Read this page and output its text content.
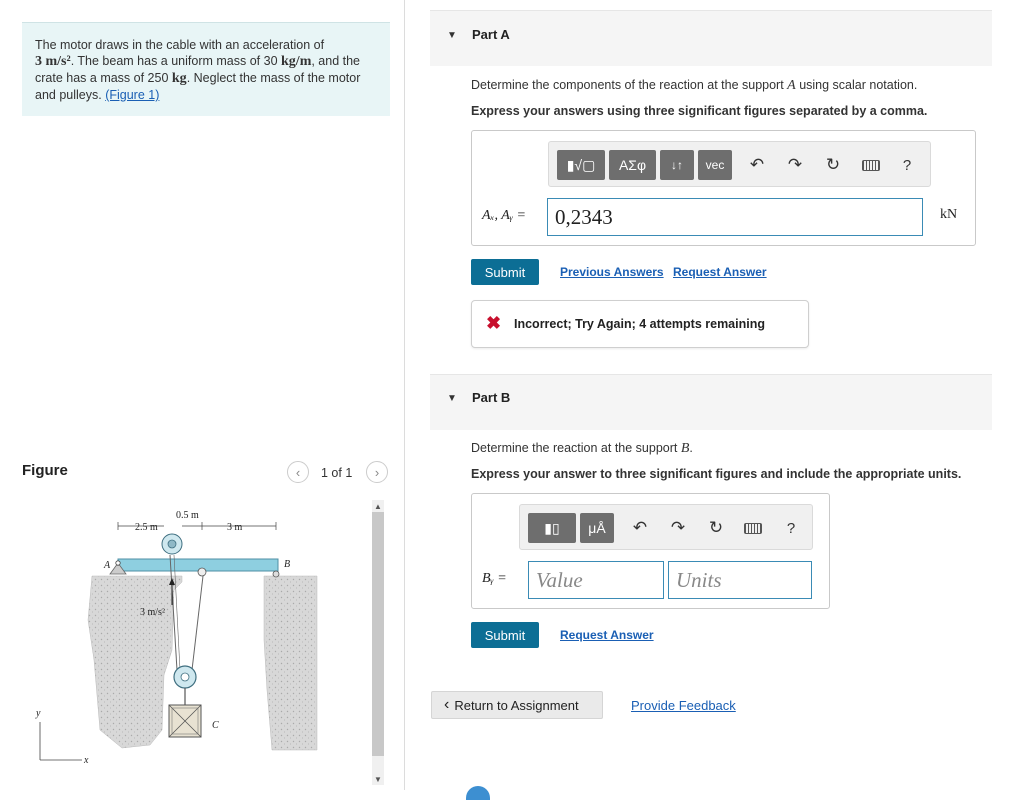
The motor draws in the cable with an acceleration of
3 m/s². The beam has a uniform mass of 30 kg/m, and the crate has a mass of 250 kg. Neglect the mass of the motor and pulleys. (Figure 1)
Figure	‹	1 of 1	›
2.5 m
0.5 m
3 m
A	B
C
3 m/s²
y
x
▲
▼
▼ Part A
Determine the components of the reaction at the support A using scalar notation.
Express your answers using three significant figures separated by a comma.
▮√▢	ΑΣφ	↓↑	vec	↶ ↷ ↻	?
Aₓ, Aᵧ =
0,2343	kN
Submit	Previous Answers Request Answer
✖ Incorrect; Try Again; 4 attempts remaining
▼ Part B
Determine the reaction at the support B.
Express your answer to three significant figures and include the appropriate units.
▮▯	μÅ	↶ ↷ ↻	?
Bᵧ =
Value
Units
Submit	Request Answer
‹ Return to Assignment	Provide Feedback
